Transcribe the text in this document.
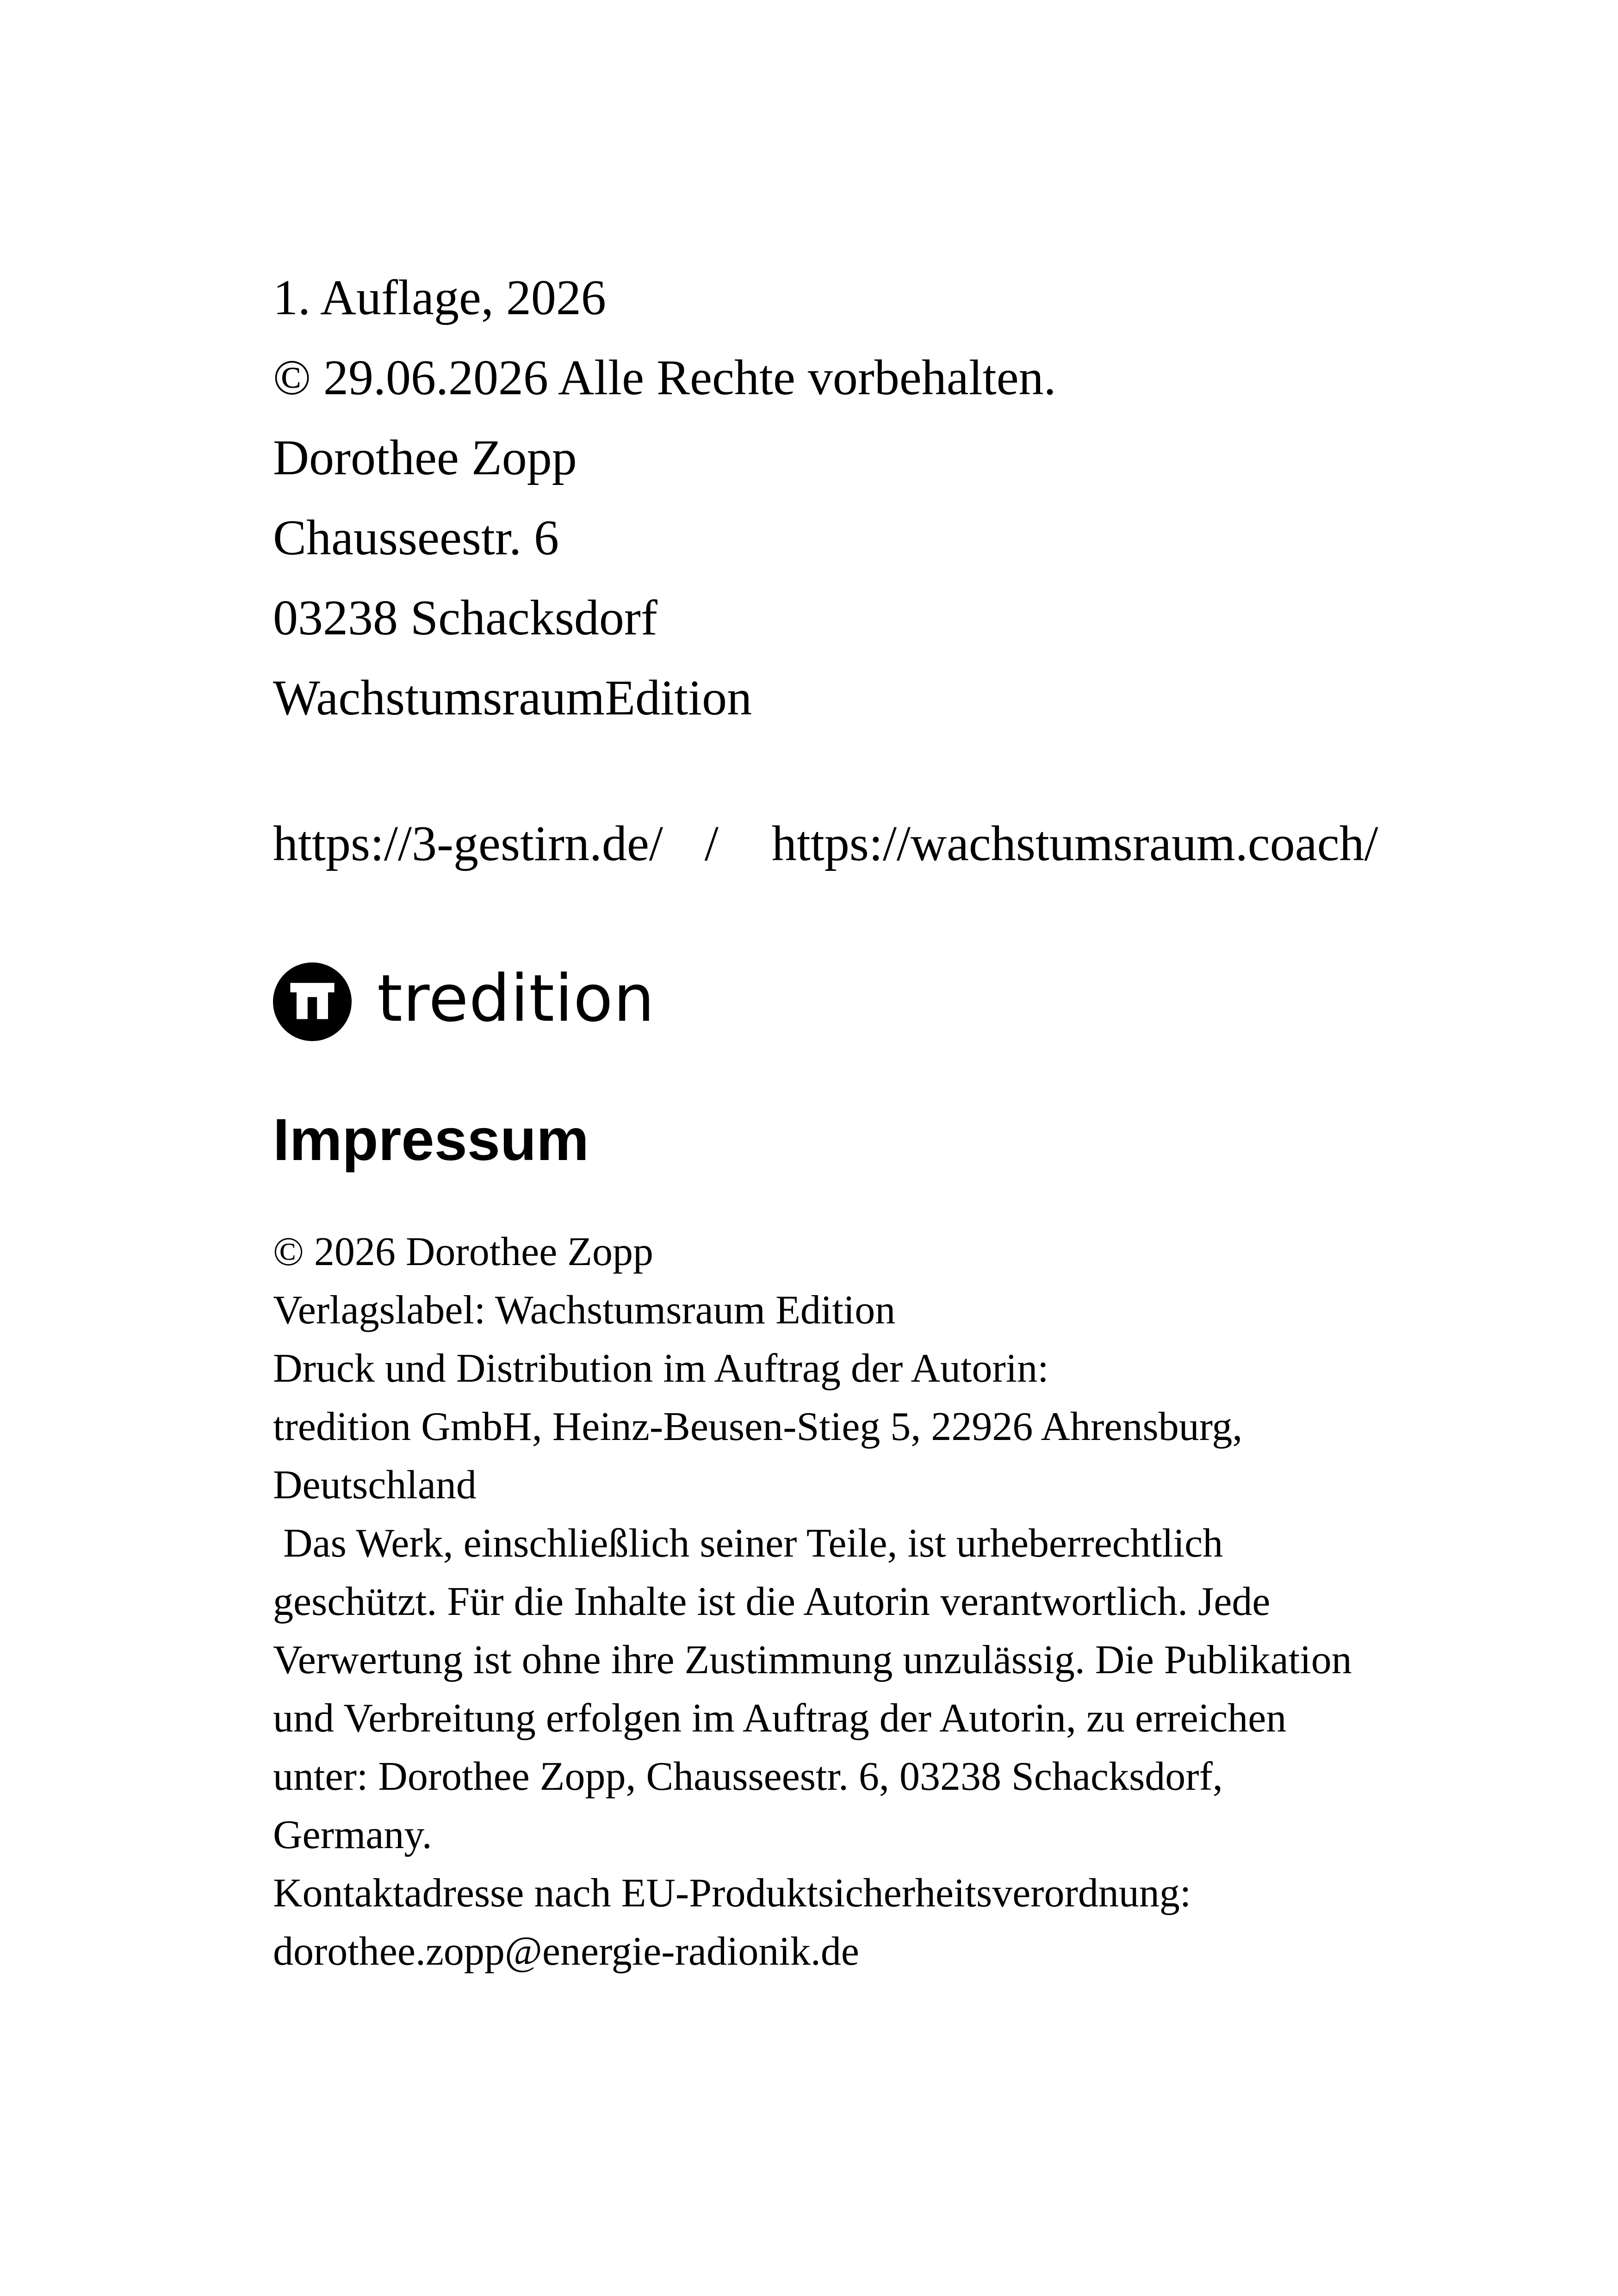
1. Auflage, 2026
© 29.06.2026 Alle Rechte vorbehalten.
Dorothee Zopp
Chausseestr. 6
03238 Schacksdorf
WachstumsraumEdition
https://3-gestirn.de/ / https://wachstumsraum.coach/
tredition
Impressum
© 2026 Dorothee Zopp
Verlagslabel: Wachstumsraum Edition
Druck und Distribution im Auftrag der Autorin:
tredition GmbH, Heinz-Beusen-Stieg 5, 22926 Ahrensburg,
Deutschland
Das Werk, einschließlich seiner Teile, ist urheberrechtlich
geschützt. Für die Inhalte ist die Autorin verantwortlich. Jede
Verwertung ist ohne ihre Zustimmung unzulässig. Die Publikation
und Verbreitung erfolgen im Auftrag der Autorin, zu erreichen
unter: Dorothee Zopp, Chausseestr. 6, 03238 Schacksdorf,
Germany.
Kontaktadresse nach EU-Produktsicherheitsverordnung:
dorothee.zopp@energie-radionik.de
